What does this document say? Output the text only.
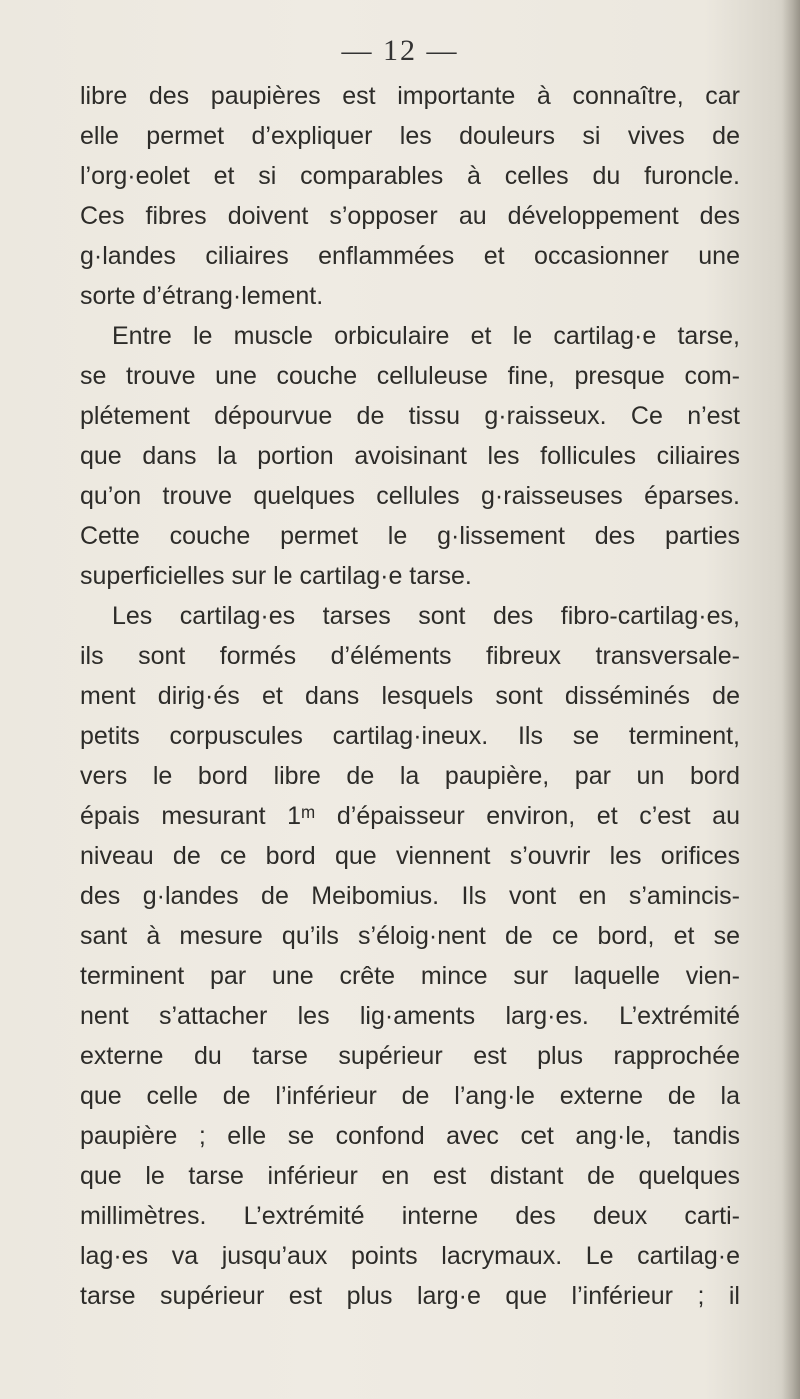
— 12 —
libre des paupières est importante à connaître, car
elle permet d’expliquer les douleurs si vives de
l’org·eolet et si comparables à celles du furoncle.
Ces fibres doivent s’opposer au développement des
g·landes ciliaires enflammées et occasionner une
sorte d’étrang·lement.
Entre le muscle orbiculaire et le cartilag·e tarse,
se trouve une couche celluleuse fine, presque com-
plétement dépourvue de tissu g·raisseux. Ce n’est
que dans la portion avoisinant les follicules ciliaires
qu’on trouve quelques cellules g·raisseuses éparses.
Cette couche permet le g·lissement des parties
superficielles sur le cartilag·e tarse.
Les cartilag·es tarses sont des fibro-cartilag·es,
ils sont formés d’éléments fibreux transversale-
ment dirig·és et dans lesquels sont disséminés de
petits corpuscules cartilag·ineux. Ils se terminent,
vers le bord libre de la paupière, par un bord
épais mesurant 1ᵐ d’épaisseur environ, et c’est au
niveau de ce bord que viennent s’ouvrir les orifices
des g·landes de Meibomius. Ils vont en s’amincis-
sant à mesure qu’ils s’éloig·nent de ce bord, et se
terminent par une crête mince sur laquelle vien-
nent s’attacher les lig·aments larg·es. L’extrémité
externe du tarse supérieur est plus rapprochée
que celle de l’inférieur de l’ang·le externe de la
paupière ; elle se confond avec cet ang·le, tandis
que le tarse inférieur en est distant de quelques
millimètres. L’extrémité interne des deux carti-
lag·es va jusqu’aux points lacrymaux. Le cartilag·e
tarse supérieur est plus larg·e que l’inférieur ; il
